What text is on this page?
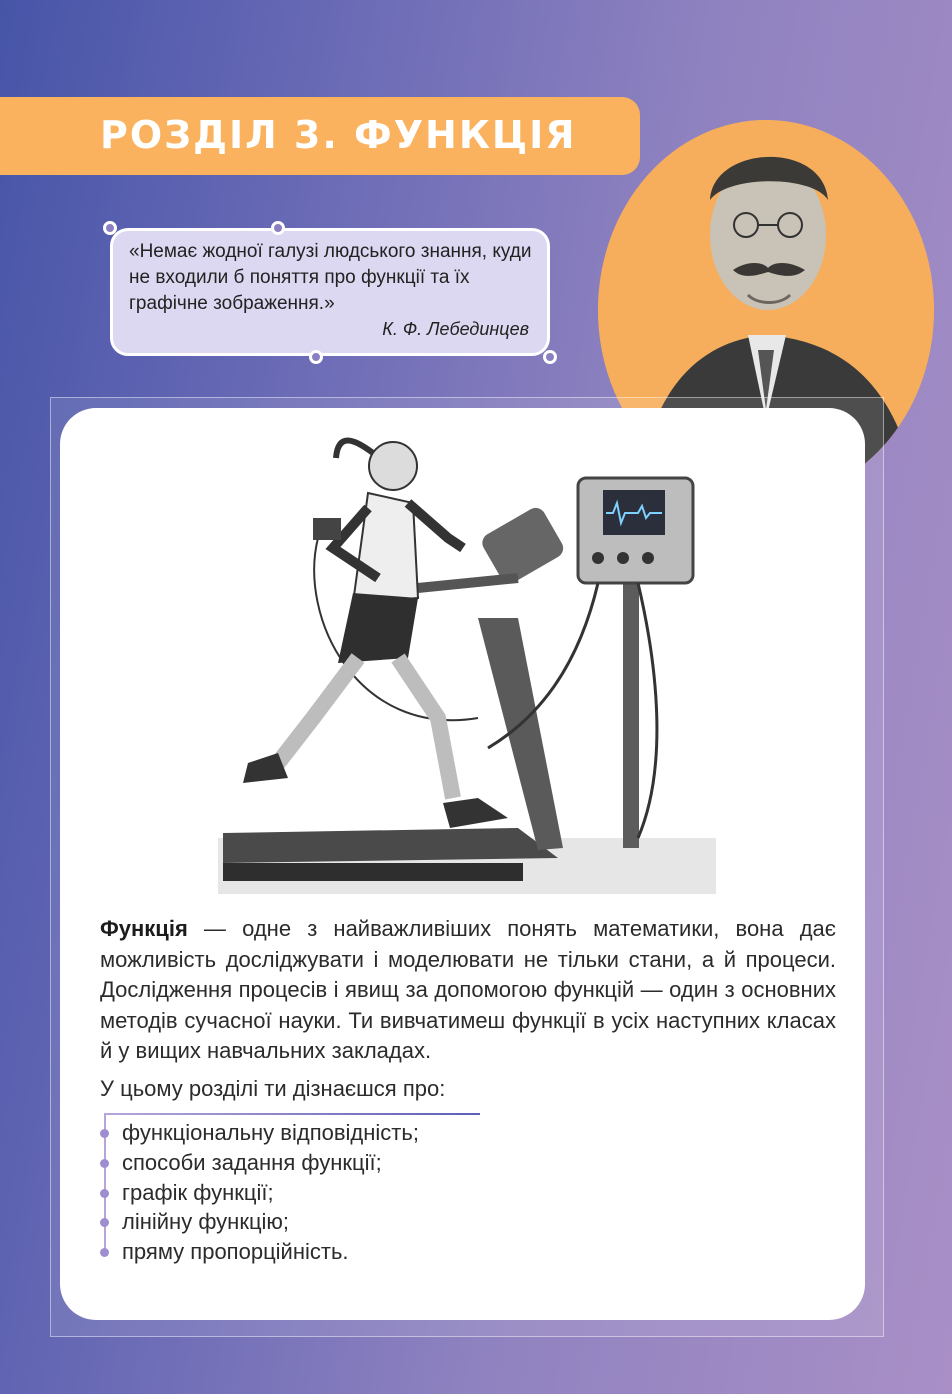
РОЗДІЛ 3. ФУНКЦІЯ
«Немає жодної галузі людського знання, куди не входили б поняття про функції та їх графічне зображення.»
К. Ф. Лебединцев
Функція — одне з найважливіших понять математики, вона дає можливість досліджувати і моделювати не тільки стани, а й процеси. Дослідження процесів і явищ за допомогою функцій — один з основних методів сучасної науки. Ти вивчатимеш функції в усіх наступних класах й у вищих навчальних закладах.
У цьому розділі ти дізнаєшся про:
функціональну відповідність;
способи задання функції;
графік функції;
лінійну функцію;
пряму пропорційність.
